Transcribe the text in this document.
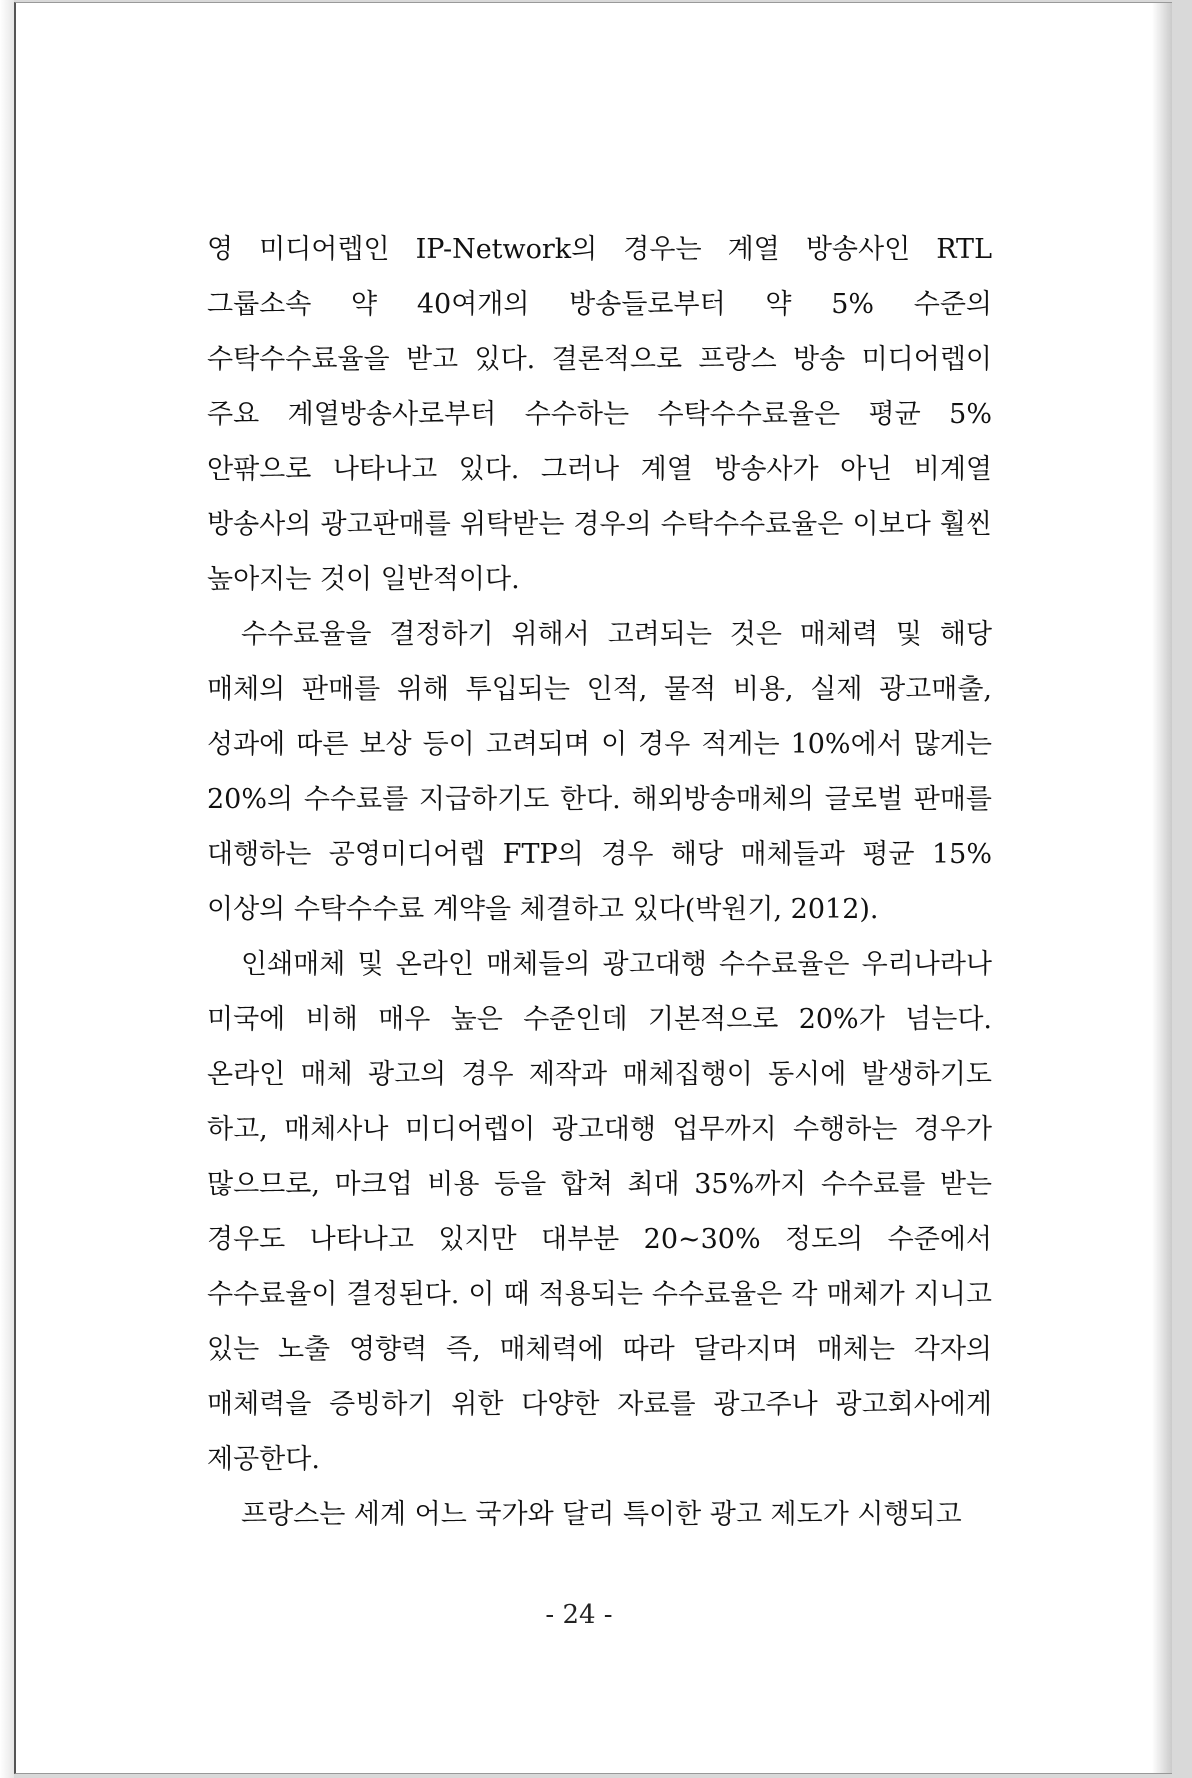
영 미디어렙인 IP-Network의 경우는 계열 방송사인 RTL 그룹소속 약 40여개의 방송들로부터 약 5% 수준의 수탁수수료율을 받고 있다. 결론적으로 프랑스 방송 미디어렙이 주요 계열방송사로부터 수수하는 수탁수수료율은 평균 5% 안팎으로 나타나고 있다. 그러나 계열 방송사가 아닌 비계열 방송사의 광고판매를 위탁받는 경우의 수탁수수료율은 이보다 훨씬 높아지는 것이 일반적이다.

수수료율을 결정하기 위해서 고려되는 것은 매체력 및 해당 매체의 판매를 위해 투입되는 인적, 물적 비용, 실제 광고매출, 성과에 따른 보상 등이 고려되며 이 경우 적게는 10%에서 많게는 20%의 수수료를 지급하기도 한다. 해외방송매체의 글로벌 판매를 대행하는 공영미디어렙 FTP의 경우 해당 매체들과 평균 15% 이상의 수탁수수료 계약을 체결하고 있다(박원기, 2012).

인쇄매체 및 온라인 매체들의 광고대행 수수료율은 우리나라나 미국에 비해 매우 높은 수준인데 기본적으로 20%가 넘는다. 온라인 매체 광고의 경우 제작과 매체집행이 동시에 발생하기도 하고, 매체사나 미디어렙이 광고대행 업무까지 수행하는 경우가 많으므로, 마크업 비용 등을 합쳐 최대 35%까지 수수료를 받는 경우도 나타나고 있지만 대부분 20~30% 정도의 수준에서 수수료율이 결정된다. 이 때 적용되는 수수료율은 각 매체가 지니고 있는 노출 영향력 즉, 매체력에 따라 달라지며 매체는 각자의 매체력을 증빙하기 위한 다양한 자료를 광고주나 광고회사에게 제공한다.

프랑스는 세계 어느 국가와 달리 특이한 광고 제도가 시행되고

- 24 -
